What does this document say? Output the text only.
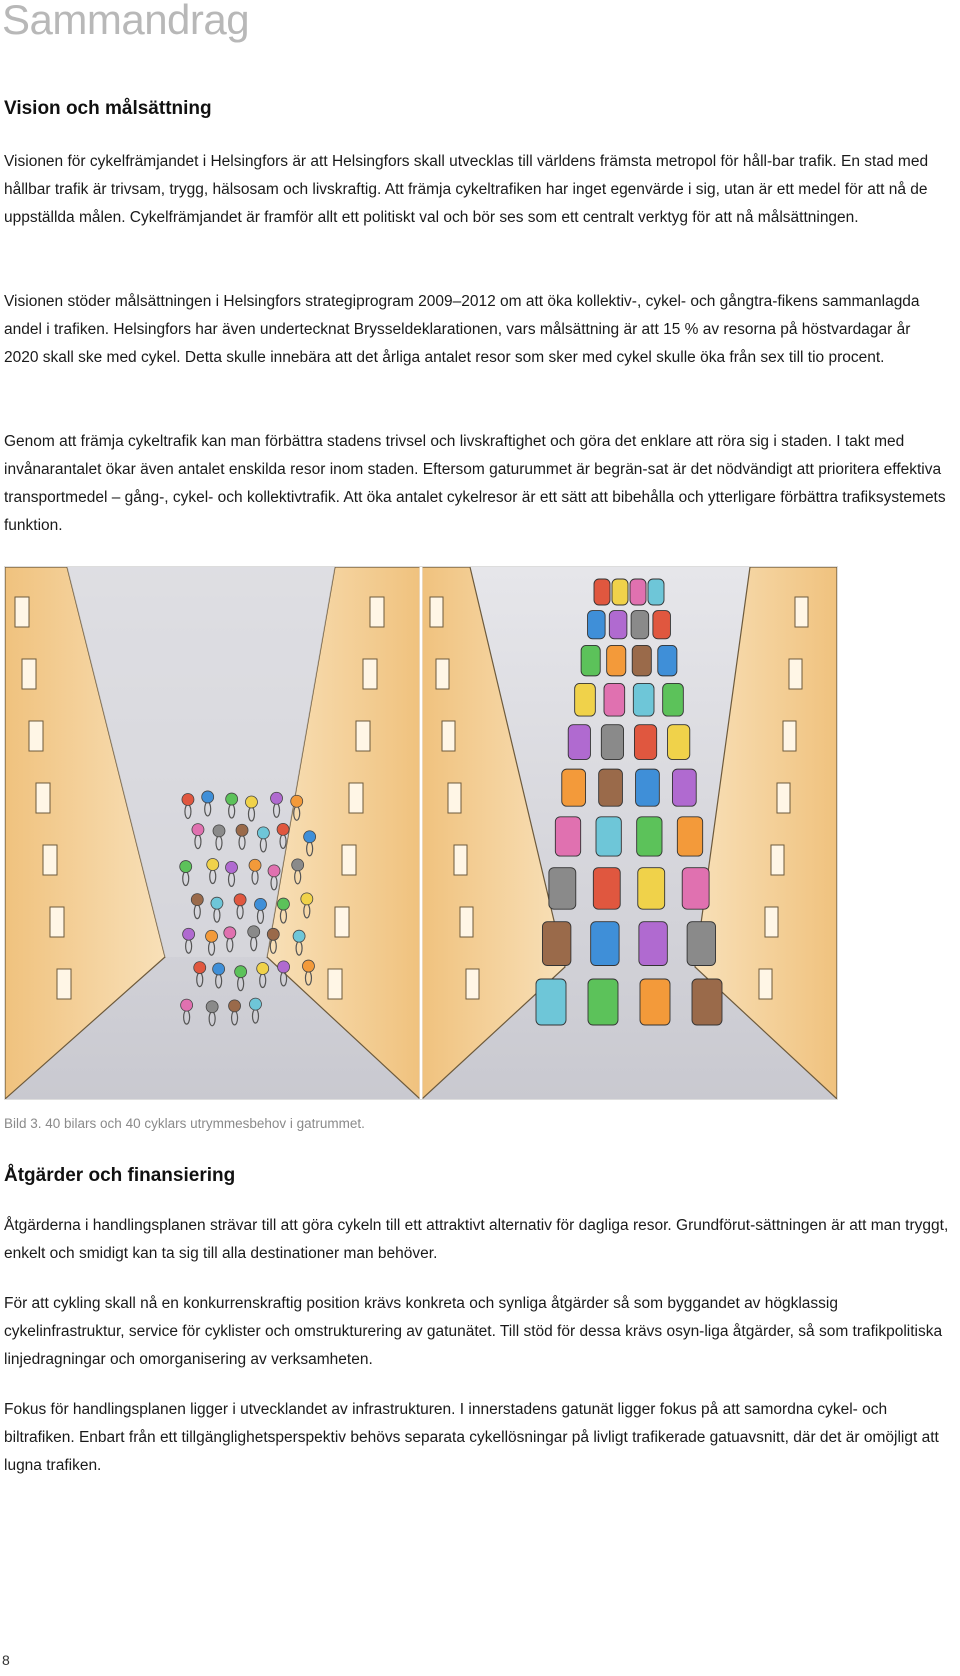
Sammandrag
Vision och målsättning

Visionen för cykelfrämjandet i Helsingfors är att Helsingfors skall utvecklas till världens främsta metropol för håll-bar trafik. En stad med hållbar trafik är trivsam, trygg, hälsosam och livskraftig. Att främja cykeltrafiken har inget egenvärde i sig, utan är ett medel för att nå de uppställda målen. Cykelfrämjandet är framför allt ett politiskt val och bör ses som ett centralt verktyg för att nå målsättningen.

Visionen stöder målsättningen i Helsingfors strategiprogram 2009–2012 om att öka kollektiv-, cykel- och gångtra-fikens sammanlagda andel i trafiken. Helsingfors har även undertecknat Brysseldeklarationen, vars målsättning är att 15 % av resorna på höstvardagar år 2020 skall ske med cykel. Detta skulle innebära att det årliga antalet resor som sker med cykel skulle öka från sex till tio procent.

Genom att främja cykeltrafik kan man förbättra stadens trivsel och livskraftighet och göra det enklare att röra sig i staden. I takt med invånarantalet ökar även antalet enskilda resor inom staden. Eftersom gaturummet är begrän-sat är det nödvändigt att prioritera effektiva transportmedel – gång-, cykel- och kollektivtrafik. Att öka antalet cykelresor är ett sätt att bibehålla och ytterligare förbättra trafiksystemets funktion.

Bild 3. 40 bilars och 40 cyklars utrymmesbehov i gatrummet.

Åtgärder och finansiering

Åtgärderna i handlingsplanen strävar till att göra cykeln till ett attraktivt alternativ för dagliga resor. Grundförut-sättningen är att man tryggt, enkelt och smidigt kan ta sig till alla destinationer man behöver.

För att cykling skall nå en konkurrenskraftig position krävs konkreta och synliga åtgärder så som byggandet av högklassig cykelinfrastruktur, service för cyklister och omstrukturering av gatunätet. Till stöd för dessa krävs osyn-liga åtgärder, så som trafikpolitiska linjedragningar och omorganisering av verksamheten.

Fokus för handlingsplanen ligger i utvecklandet av infrastrukturen. I innerstadens gatunät ligger fokus på att samordna cykel- och biltrafiken. Enbart från ett tillgänglighetsperspektiv behövs separata cykellösningar på livligt trafikerade gatuavsnitt, där det är omöjligt att lugna trafiken.

8
